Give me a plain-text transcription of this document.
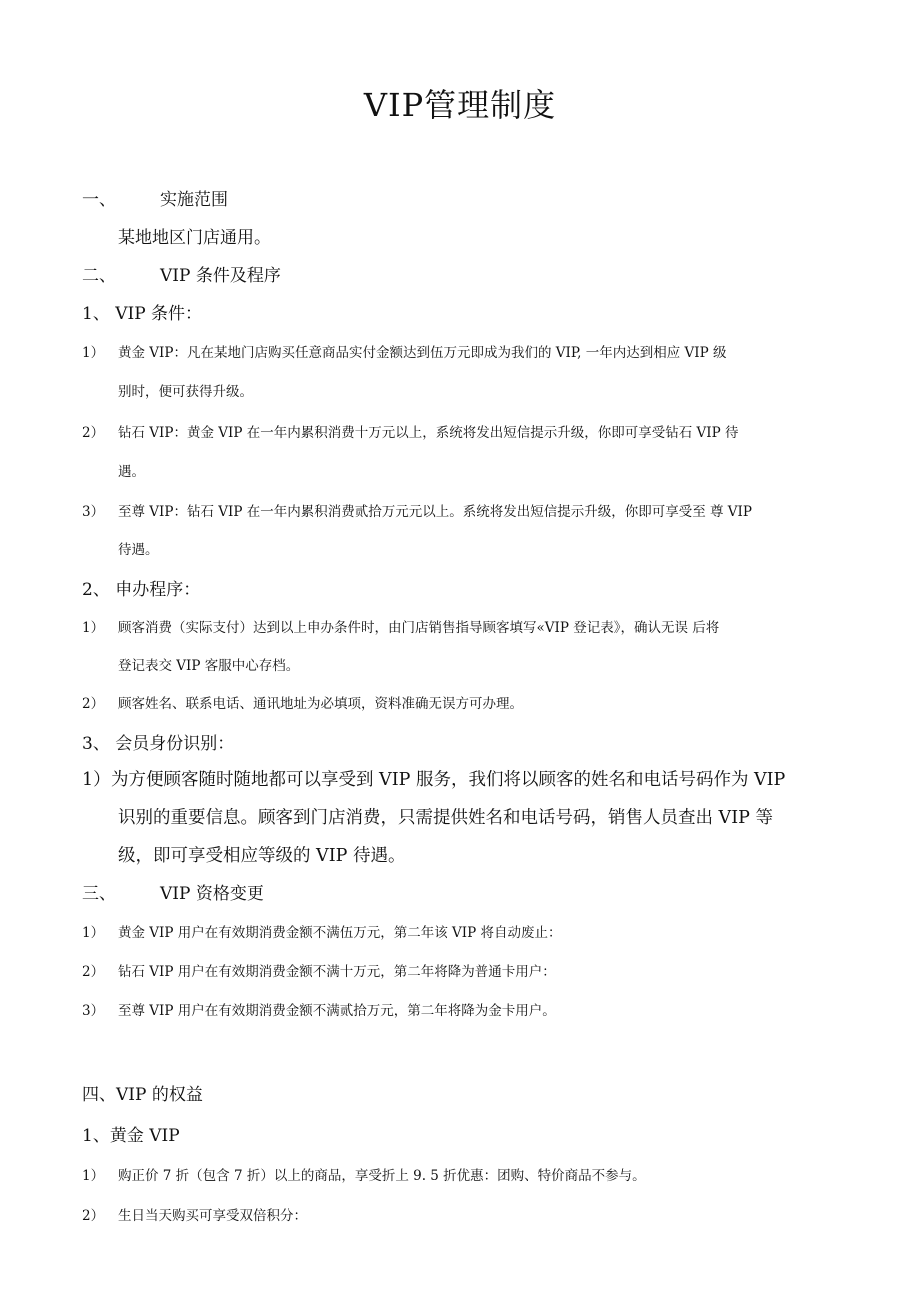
VIP管理制度
一、	实施范围
某地地区门店通用。
二、	VIP 条件及程序
1、 VIP 条件：
1） 黄金 VIP：凡在某地门店购买任意商品实付金额达到伍万元即成为我们的 VIP, 一年内达到相应 VIP 级
别时，便可获得升级。
2） 钻石 VIP：黄金 VIP 在一年内累积消费十万元以上，系统将发出短信提示升级，你即可享受钻石 VIP 待
遇。
3） 至尊 VIP：钻石 VIP 在一年内累积消费贰拾万元元以上。系统将发出短信提示升级，你即可享受至 尊 VIP
待遇。
2、 申办程序：
1） 顾客消费（实际支付）达到以上申办条件时，由门店销售指导顾客填写«VIP 登记表》，确认无误 后将
登记表交 VIP 客服中心存档。
2） 顾客姓名、联系电话、通讯地址为必填项，资料准确无误方可办理。
3、 会员身份识别：
1） 为方便顾客随时随地都可以享受到 VIP 服务，我们将以顾客的姓名和电话号码作为 VIP
识别的重要信息。顾客到门店消费，只需提供姓名和电话号码，销售人员查出 VIP 等
级，即可享受相应等级的 VIP 待遇。
三、	VIP 资格变更
1） 黄金 VIP 用户在有效期消费金额不满伍万元，第二年该 VIP 将自动废止：
2） 钻石 VIP 用户在有效期消费金额不满十万元，第二年将降为普通卡用户：
3） 至尊 VIP 用户在有效期消费金额不满贰拾万元，第二年将降为金卡用户。
四、VIP 的权益
1、黄金 VIP
1） 购正价 7 折（包含 7 折）以上的商品，享受折上 9. 5 折优惠：团购、特价商品不参与。
2） 生日当天购买可享受双倍积分：
